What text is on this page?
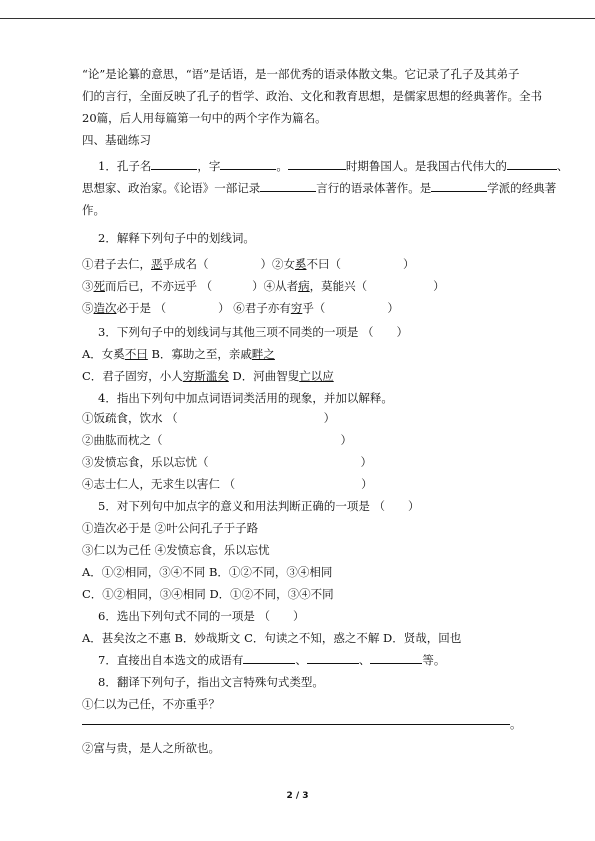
“论”是论纂的意思，“语”是话语，是一部优秀的语录体散文集。它记录了孔子及其弟子
们的言行，全面反映了孔子的哲学、政治、文化和教育思想，是儒家思想的经典著作。全书
20篇，后人用每篇第一句中的两个字作为篇名。
四、基础练习
1．孔子名	，字	。	时期鲁国人。是我国古代伟大的	、
思想家、政治家。《论语》一部记录	言行的语录体著作。是	学派的经典著
作。
2．解释下列句子中的划线词。
①君子去仁，恶乎成名（	）②女奚不曰（	）
③死而后已，不亦远乎 （	）④从者病，莫能兴（	）
⑤造次必于是 （	） ⑥君子亦有穷乎（	）
3．下列句子中的划线词与其他三项不同类的一项是 （　　）
A．女奚不曰 B．寡助之至，亲戚畔之
C．君子固穷，小人穷斯滥矣 D．河曲智叟亡以应
4．指出下列句中加点词语词类活用的现象，并加以解释。
①饭疏食，饮水 （	）
②曲肱而枕之（	）
③发愤忘食，乐以忘忧（	）
④志士仁人，无求生以害仁 （	）
5．对下列句中加点字的意义和用法判断正确的一项是 （　　）
①造次必于是 ②叶公问孔子于子路
③仁以为己任 ④发愤忘食，乐以忘忧
A．①②相同，③④不同 B．①②不同，③④相同
C．①②相同，③④相同 D．①②不同，③④不同
6．选出下列句式不同的一项是 （　　）
A．甚矣汝之不惠 B．妙哉斯文 C．句读之不知，惑之不解 D．贤哉，回也
7．直接出自本选文的成语有	、	、	等。
8．翻译下列句子，指出文言特殊句式类型。
①仁以为己任，不亦重乎？
。
②富与贵，是人之所欲也。
2 / 3
